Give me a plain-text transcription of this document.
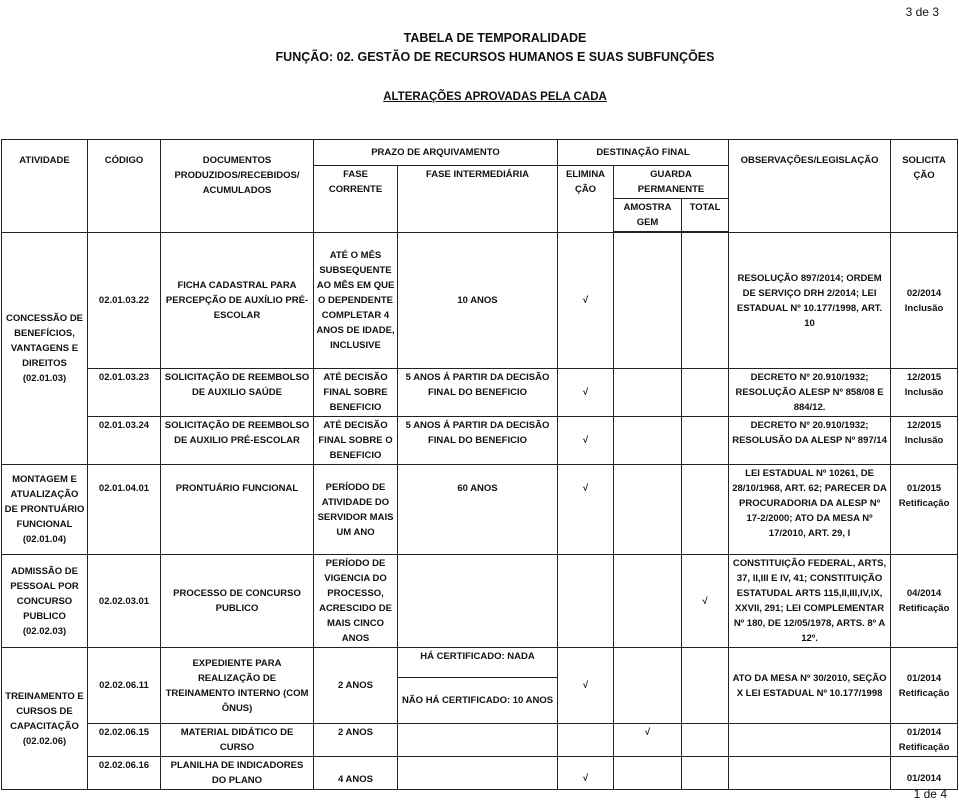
3 de 3
TABELA DE TEMPORALIDADE
FUNÇÃO: 02. GESTÃO DE RECURSOS HUMANOS E SUAS SUBFUNÇÕES
ALTERAÇÕES APROVADAS PELA CADA
ATIVIDADE	CÓDIGO	DOCUMENTOS PRODUZIDOS/RECEBIDOS/ ACUMULADOS	PRAZO DE ARQUIVAMENTO		DESTINAÇÃO FINAL			OBSERVAÇÕES/LEGISLAÇÃO	SOLICITA ÇÃO
			FASE CORRENTE	FASE INTERMEDIÁRIA	ELIMINA ÇÃO	GUARDA PERMANENTE			
						AMOSTRA GEM	TOTAL		

CONCESSÃO DE BENEFÍCIOS, VANTAGENS E DIREITOS (02.01.03)	02.01.03.22	FICHA CADASTRAL PARA PERCEPÇÃO DE AUXÍLIO PRÉ-ESCOLAR	ATÉ O MÊS SUBSEQUENTE AO MÊS EM QUE O DEPENDENTE COMPLETAR 4 ANOS DE IDADE, INCLUSIVE	10 ANOS	√			RESOLUÇÃO 897/2014; ORDEM DE SERVIÇO DRH 2/2014; LEI ESTADUAL Nº 10.177/1998, ART. 10	02/2014
Inclusão
	02.01.03.23	SOLICITAÇÃO DE REEMBOLSO DE AUXILIO SAÚDE	ATÉ DECISÃO FINAL SOBRE BENEFICIO	5 ANOS Á PARTIR DA DECISÃO FINAL DO BENEFICIO	√			DECRETO Nº 20.910/1932; RESOLUÇÃO ALESP Nº 858/08 E 884/12.	12/2015
Inclusão
	02.01.03.24	SOLICITAÇÃO DE REEMBOLSO DE AUXILIO PRÉ-ESCOLAR	ATÉ DECISÃO FINAL SOBRE O BENEFICIO	5 ANOS Á PARTIR DA DECISÃO FINAL DO BENEFICIO	√			DECRETO Nº 20.910/1932; RESOLUSÃO DA ALESP Nº 897/14	12/2015
Inclusão
MONTAGEM E ATUALIZAÇÃO DE PRONTUÁRIO FUNCIONAL (02.01.04)	02.01.04.01	PRONTUÁRIO FUNCIONAL	PERÍODO DE ATIVIDADE DO SERVIDOR MAIS UM ANO	60 ANOS	√			LEI ESTADUAL Nº 10261, DE 28/10/1968, ART. 62; PARECER DA PROCURADORIA DA ALESP Nº 17-2/2000; ATO DA MESA Nº 17/2010, ART. 29, I	01/2015
Retificação
ADMISSÃO DE PESSOAL POR CONCURSO PUBLICO (02.02.03)	02.02.03.01	PROCESSO DE CONCURSO PUBLICO	PERÍODO DE VIGENCIA DO PROCESSO, ACRESCIDO DE MAIS CINCO ANOS				√	CONSTITUIÇÃO FEDERAL, ARTS, 37, II,III E IV, 41; CONSTITUIÇÃO ESTATUDAL ARTS 115,II,III,IV,IX, XXVII, 291; LEI COMPLEMENTAR Nº 180, DE 12/05/1978, ARTS. 8º A 12º.	04/2014
Retificação
TREINAMENTO E CURSOS DE CAPACITAÇÃO (02.02.06)	02.02.06.11	EXPEDIENTE PARA REALIZAÇÃO DE TREINAMENTO INTERNO (COM ÔNUS)	2 ANOS	HÁ CERTIFICADO: NADA	√			ATO DA MESA Nº 30/2010, SEÇÃO X LEI ESTADUAL Nº 10.177/1998	01/2014
Retificação
				NÃO HÁ CERTIFICADO: 10 ANOS					
	02.02.06.15	MATERIAL DIDÁTICO DE CURSO	2 ANOS			√			01/2014
Retificação
	02.02.06.16	PLANILHA DE INDICADORES DO PLANO	4 ANOS		√				01/2014
1 de 4
